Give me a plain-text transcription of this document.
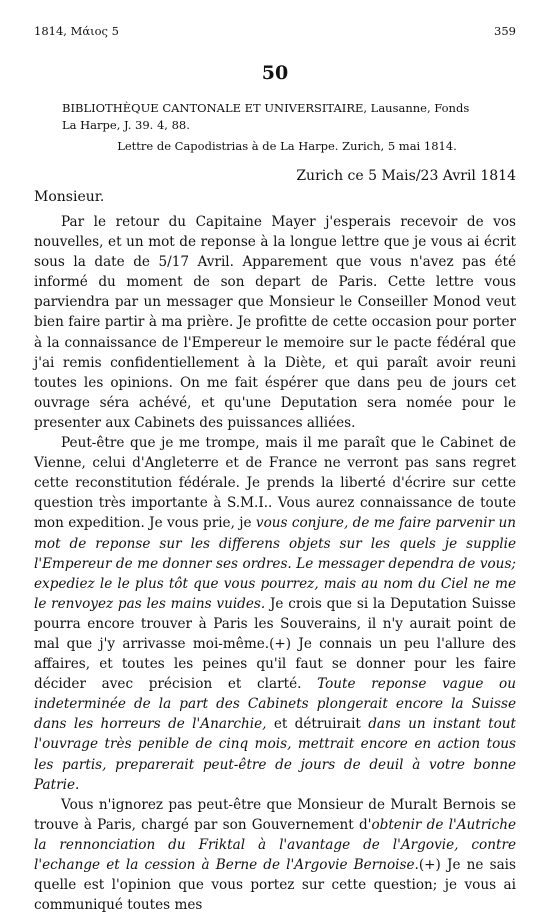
1814, Μάιος 5	359
50
BIBLIOTHÈQUE CANTONALE ET UNIVERSITAIRE, Lausanne, Fonds
La Harpe, J. 39. 4, 88.
Lettre de Capodistrias à de La Harpe. Zurich, 5 mai 1814.
Zurich ce 5 Mais/23 Avril 1814
Monsieur.

Par le retour du Capitaine Mayer j'esperais recevoir de vos nouvelles, et un mot de reponse à la longue lettre que je vous ai écrit sous la date de 5/17 Avril. Apparement que vous n'avez pas été informé du moment de son depart de Paris. Cette lettre vous parviendra par un messager que Monsieur le Conseiller Monod veut bien faire partir à ma prière. Je profitte de cette occasion pour porter à la connaissance de l'Empereur le memoire sur le pacte fédéral que j'ai remis confidentiellement à la Diète, et qui paraît avoir reuni toutes les opinions. On me fait éspérer que dans peu de jours cet ouvrage séra achévé, et qu'une Deputation sera nomée pour le presenter aux Cabinets des puissances alliées.

Peut-être que je me trompe, mais il me paraît que le Cabinet de Vienne, celui d'Angleterre et de France ne verront pas sans regret cette reconstitution fédérale. Je prends la liberté d'écrire sur cette question très importante à S.M.I.. Vous aurez connaissance de toute mon expedition. Je vous prie, je vous conjure, de me faire parvenir un mot de reponse sur les differens objets sur les quels je supplie l'Empereur de me donner ses ordres. Le messager dependra de vous; expediez le le plus tôt que vous pourrez, mais au nom du Ciel ne me le renvoyez pas les mains vuides. Je crois que si la Deputation Suisse pourra encore trouver à Paris les Souverains, il n'y aurait point de mal que j'y arrivasse moi-même.(+) Je connais un peu l'allure des affaires, et toutes les peines qu'il faut se donner pour les faire décider avec précision et clarté. Toute reponse vague ou indeterminée de la part des Cabinets plongerait encore la Suisse dans les horreurs de l'Anarchie, et détruirait dans un instant tout l'ouvrage très penible de cinq mois, mettrait encore en action tous les partis, preparerait peut-être de jours de deuil à votre bonne Patrie.

Vous n'ignorez pas peut-être que Monsieur de Muralt Bernois se trouve à Paris, chargé par son Gouvernement d'obtenir de l'Autriche la rennonciation du Friktal à l'avantage de l'Argovie, contre l'echange et la cession à Berne de l'Argovie Bernoise.(+) Je ne sais quelle est l'opinion que vous portez sur cette question; je vous ai communiqué toutes mes
